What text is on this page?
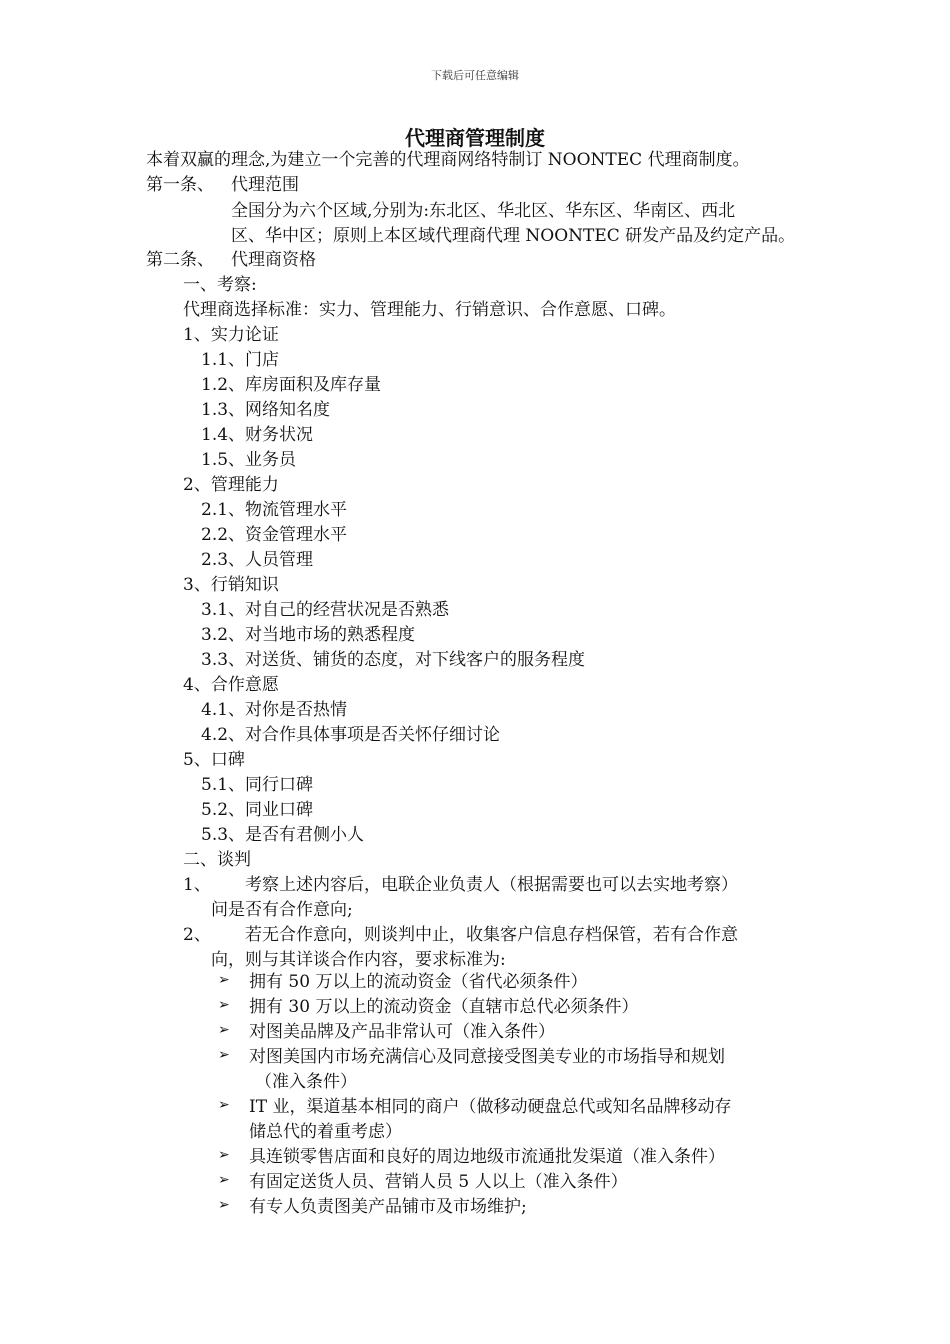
下载后可任意编辑
代理商管理制度
本着双赢的理念,为建立一个完善的代理商网络特制订 NOONTEC 代理商制度。
第一条、 代理范围
全国分为六个区域,分别为:东北区、华北区、华东区、华南区、西北
区、华中区；原则上本区域代理商代理 NOONTEC 研发产品及约定产品。
第二条、 代理商资格
一、考察:
代理商选择标准：实力、管理能力、行销意识、合作意愿、口碑。
1、实力论证
1.1、门店
1.2、库房面积及库存量
1.3、网络知名度
1.4、财务状况
1.5、业务员
2、管理能力
2.1、物流管理水平
2.2、资金管理水平
2.3、人员管理
3、行销知识
3.1、对自己的经营状况是否熟悉
3.2、对当地市场的熟悉程度
3.3、对送货、铺货的态度，对下线客户的服务程度
4、合作意愿
4.1、对你是否热情
4.2、对合作具体事项是否关怀仔细讨论
5、口碑
5.1、同行口碑
5.2、同业口碑
5.3、是否有君侧小人
二、谈判
1、 考察上述内容后，电联企业负责人（根据需要也可以去实地考察）
问是否有合作意向;
2、 若无合作意向，则谈判中止，收集客户信息存档保管，若有合作意
向，则与其详谈合作内容，要求标准为:
➢ 拥有 50 万以上的流动资金（省代必须条件）
➢ 拥有 30 万以上的流动资金（直辖市总代必须条件）
➢ 对图美品牌及产品非常认可（准入条件）
➢ 对图美国内市场充满信心及同意接受图美专业的市场指导和规划
（准入条件）
➢ IT 业，渠道基本相同的商户（做移动硬盘总代或知名品牌移动存
储总代的着重考虑）
➢ 具连锁零售店面和良好的周边地级市流通批发渠道（准入条件）
➢ 有固定送货人员、营销人员 5 人以上（准入条件）
➢ 有专人负责图美产品铺市及市场维护;
